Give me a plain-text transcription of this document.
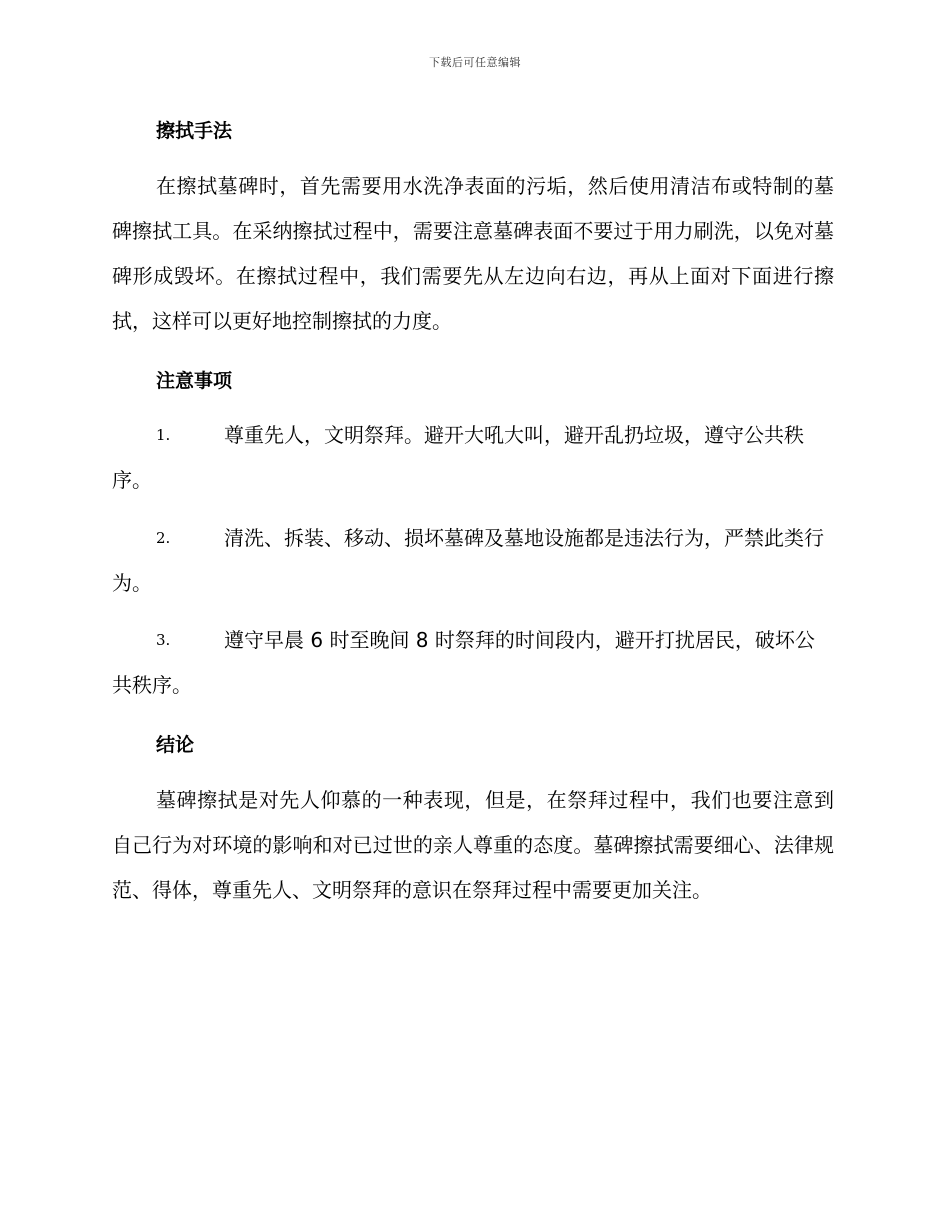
下载后可任意编辑
擦拭手法
在擦拭墓碑时，首先需要用水洗净表面的污垢，然后使用清洁布或特制的墓碑擦拭工具。在采纳擦拭过程中，需要注意墓碑表面不要过于用力刷洗，以免对墓碑形成毁坏。在擦拭过程中，我们需要先从左边向右边，再从上面对下面进行擦拭，这样可以更好地控制擦拭的力度。
注意事项
1.	尊重先人，文明祭拜。避开大吼大叫，避开乱扔垃圾，遵守公共秩序。
2.	清洗、拆装、移动、损坏墓碑及墓地设施都是违法行为，严禁此类行为。
3.	遵守早晨 6 时至晚间 8 时祭拜的时间段内，避开打扰居民，破坏公共秩序。
结论
墓碑擦拭是对先人仰慕的一种表现，但是，在祭拜过程中，我们也要注意到自己行为对环境的影响和对已过世的亲人尊重的态度。墓碑擦拭需要细心、法律规范、得体，尊重先人、文明祭拜的意识在祭拜过程中需要更加关注。
